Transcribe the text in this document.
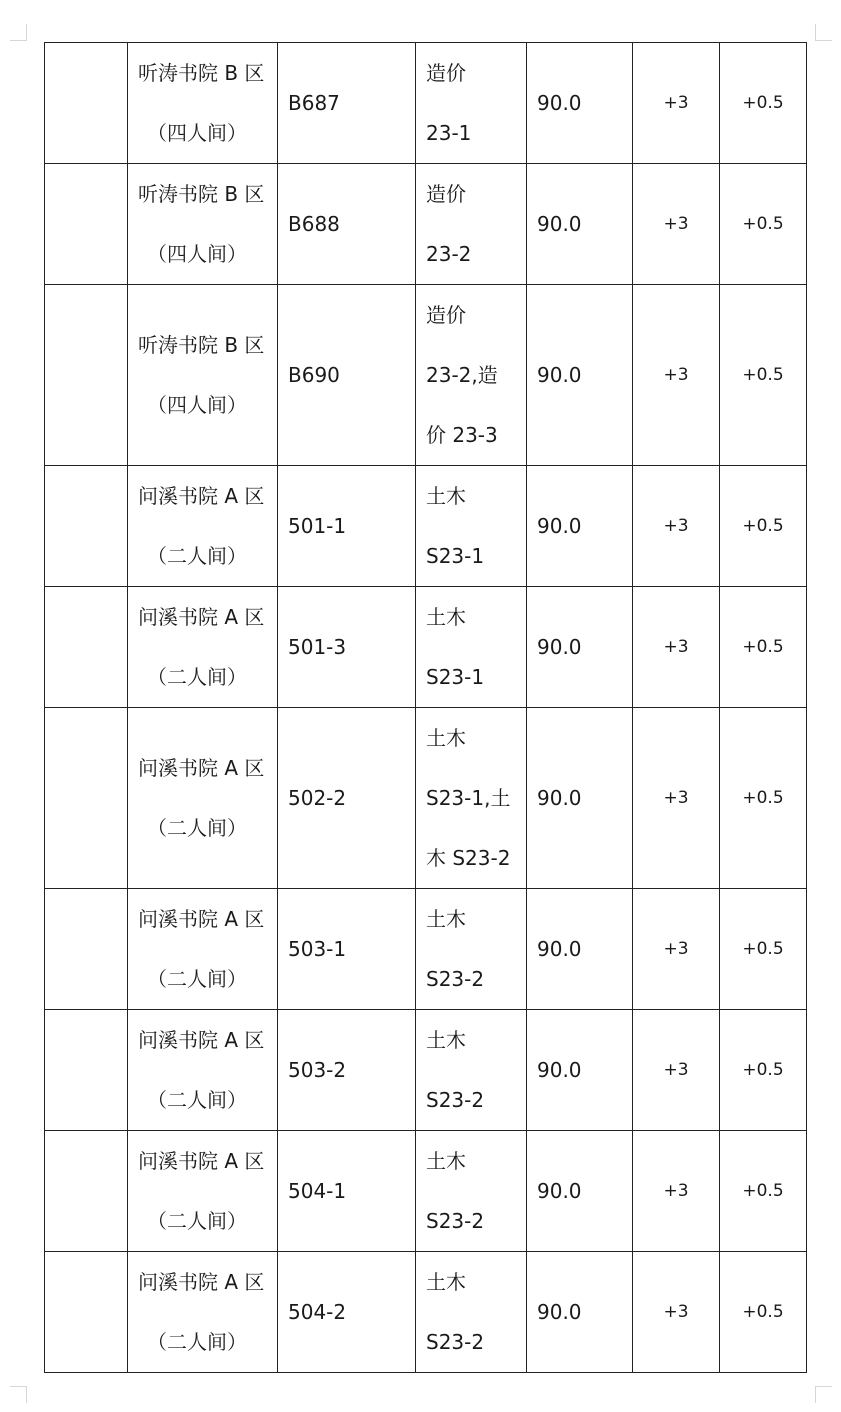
	听涛书院 B 区
（四人间）	B687	造价
23-1	90.0	+3	+0.5

	听涛书院 B 区
（四人间）	B688	造价
23-2	90.0	+3	+0.5

	听涛书院 B 区
（四人间）	B690	造价
23-2,造
价 23-3	90.0	+3	+0.5

	问溪书院 A 区
（二人间）	501-1	土木
S23-1	90.0	+3	+0.5

	问溪书院 A 区
（二人间）	501-3	土木
S23-1	90.0	+3	+0.5

	问溪书院 A 区
（二人间）	502-2	土木
S23-1,土
木 S23-2	90.0	+3	+0.5

	问溪书院 A 区
（二人间）	503-1	土木
S23-2	90.0	+3	+0.5

	问溪书院 A 区
（二人间）	503-2	土木
S23-2	90.0	+3	+0.5

	问溪书院 A 区
（二人间）	504-1	土木
S23-2	90.0	+3	+0.5

	问溪书院 A 区
（二人间）	504-2	土木
S23-2	90.0	+3	+0.5
